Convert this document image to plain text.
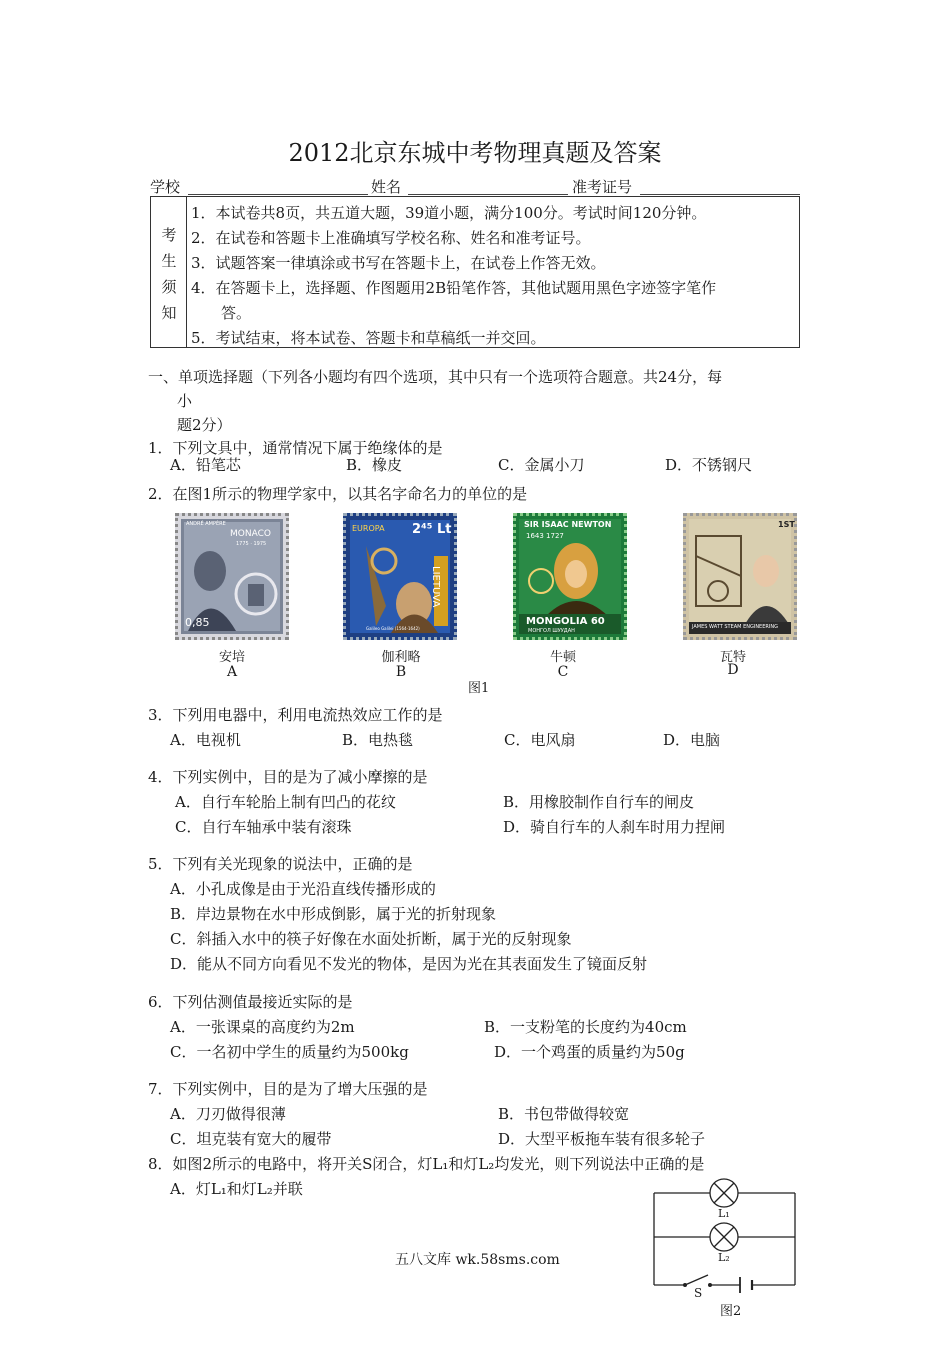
2012北京东城中考物理真题及答案
学校	姓名	准考证号
考
生
须
知
1．本试卷共8页，共五道大题，39道小题，满分100分。考试时间120分钟。
2．在试卷和答题卡上准确填写学校名称、姓名和准考证号。
3．试题答案一律填涂或书写在答题卡上，在试卷上作答无效。
4．在答题卡上，选择题、作图题用2B铅笔作答，其他试题用黑色字迹签字笔作
答。
5．考试结束，将本试卷、答题卡和草稿纸一并交回。
一、单项选择题（下列各小题均有四个选项，其中只有一个选项符合题意。共24分，每
小
题2分）
1．下列文具中，通常情况下属于绝缘体的是
A．铅笔芯	B．橡皮	C．金属小刀	D．不锈钢尺
2．在图1所示的物理学家中，以其名字命名力的单位的是
MONACO
ANDRÉ AMPÈRE
1775 · 1975
0,85
安培
A
EUROPA 2⁴⁵ Lt
LIETUVA
Galileo Galilei (1564-1642)
伽利略
B
SIR ISAAC NEWTON
1643 1727
MONGOLIA 60
МОНГОЛ ШУУДАН
牛顿
C
1ST
JAMES WATT STEAM ENGINEERING
瓦特
D
图1
3．下列用电器中，利用电流热效应工作的是
A．电视机	B．电热毯	C．电风扇	D．电脑
4．下列实例中，目的是为了减小摩擦的是
A．自行车轮胎上制有凹凸的花纹	B．用橡胶制作自行车的闸皮
C．自行车轴承中装有滚珠	D．骑自行车的人刹车时用力捏闸
5．下列有关光现象的说法中，正确的是
A．小孔成像是由于光沿直线传播形成的
B．岸边景物在水中形成倒影，属于光的折射现象
C．斜插入水中的筷子好像在水面处折断，属于光的反射现象
D．能从不同方向看见不发光的物体，是因为光在其表面发生了镜面反射
6．下列估测值最接近实际的是
A．一张课桌的高度约为2m	B．一支粉笔的长度约为40cm
C．一名初中学生的质量约为500kg	D．一个鸡蛋的质量约为50g
7．下列实例中，目的是为了增大压强的是
A．刀刃做得很薄	B．书包带做得较宽
C．坦克装有宽大的履带	D．大型平板拖车装有很多轮子
8．如图2所示的电路中，将开关S闭合，灯L₁和灯L₂均发光，则下列说法中正确的是
A．灯L₁和灯L₂并联
L₁
L₂
S
图2
五八文库 wk.58sms.com
